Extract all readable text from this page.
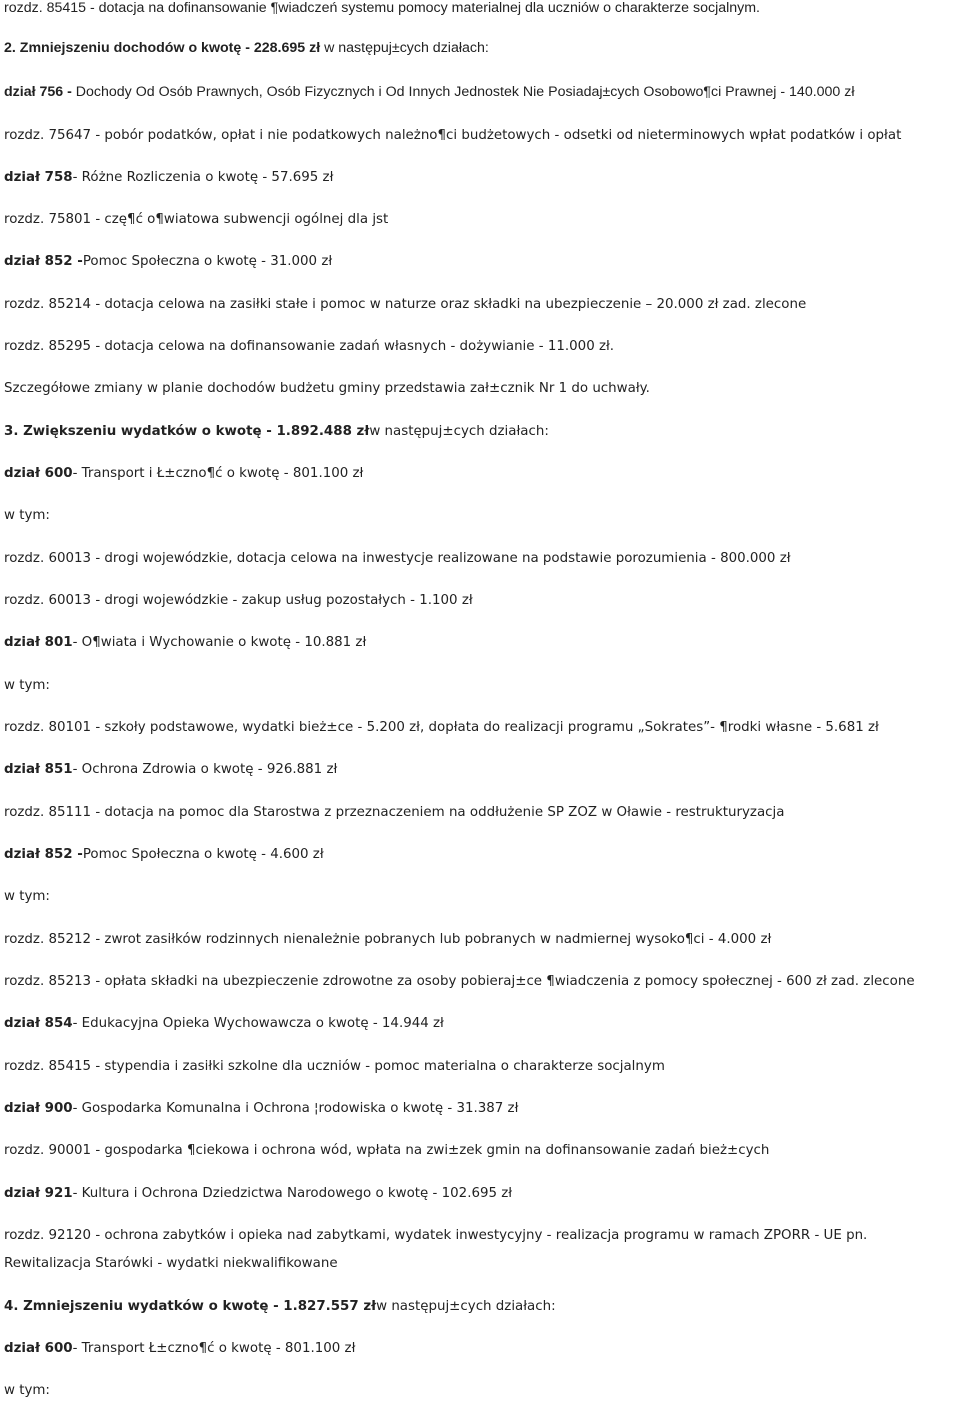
rozdz. 85415 - dotacja na dofinansowanie ¶wiadczeń systemu pomocy materialnej dla uczniów o charakterze socjalnym.
2. Zmniejszeniu dochodów o kwotę - 228.695 zł w następuj±cych działach:
dział 756 - Dochody Od Osób Prawnych, Osób Fizycznych i Od Innych Jednostek Nie Posiadaj±cych Osobowo¶ci Prawnej - 140.000 zł
rozdz. 75647 - pobór podatków, opłat i nie podatkowych należno¶ci budżetowych - odsetki od nieterminowych wpłat podatków i opłat
dział 758- Różne Rozliczenia o kwotę - 57.695 zł
rozdz. 75801 - czę¶ć o¶wiatowa subwencji ogólnej dla jst
dział 852 -Pomoc Społeczna o kwotę - 31.000 zł
rozdz. 85214 - dotacja celowa na zasiłki stałe i pomoc w naturze oraz składki na ubezpieczenie – 20.000 zł zad. zlecone
rozdz. 85295 - dotacja celowa na dofinansowanie zadań własnych - dożywianie - 11.000 zł.
Szczegółowe zmiany w planie dochodów budżetu gminy przedstawia zał±cznik Nr 1 do uchwały.
3. Zwiększeniu wydatków o kwotę - 1.892.488 złw następuj±cych działach:
dział 600- Transport i Ł±czno¶ć o kwotę - 801.100 zł
w tym:
rozdz. 60013 - drogi wojewódzkie, dotacja celowa na inwestycje realizowane na podstawie porozumienia - 800.000 zł
rozdz. 60013 - drogi wojewódzkie - zakup usług pozostałych - 1.100 zł
dział 801- O¶wiata i Wychowanie o kwotę - 10.881 zł
w tym:
rozdz. 80101 - szkoły podstawowe, wydatki bież±ce - 5.200 zł, dopłata do realizacji programu „Sokrates”- ¶rodki własne - 5.681 zł
dział 851- Ochrona Zdrowia o kwotę - 926.881 zł
rozdz. 85111 - dotacja na pomoc dla Starostwa z przeznaczeniem na oddłużenie SP ZOZ w Oławie - restrukturyzacja
dział 852 -Pomoc Społeczna o kwotę - 4.600 zł
w tym:
rozdz. 85212 - zwrot zasiłków rodzinnych nienależnie pobranych lub pobranych w nadmiernej wysoko¶ci - 4.000 zł
rozdz. 85213 - opłata składki na ubezpieczenie zdrowotne za osoby pobieraj±ce ¶wiadczenia z pomocy społecznej - 600 zł zad. zlecone
dział 854- Edukacyjna Opieka Wychowawcza o kwotę - 14.944 zł
rozdz. 85415 - stypendia i zasiłki szkolne dla uczniów - pomoc materialna o charakterze socjalnym
dział 900- Gospodarka Komunalna i Ochrona ¦rodowiska o kwotę - 31.387 zł
rozdz. 90001 - gospodarka ¶ciekowa i ochrona wód, wpłata na zwi±zek gmin na dofinansowanie zadań bież±cych
dział 921- Kultura i Ochrona Dziedzictwa Narodowego o kwotę - 102.695 zł
rozdz. 92120 - ochrona zabytków i opieka nad zabytkami, wydatek inwestycyjny - realizacja programu w ramach ZPORR - UE pn. Rewitalizacja Starówki - wydatki niekwalifikowane
4. Zmniejszeniu wydatków o kwotę - 1.827.557 złw następuj±cych działach:
dział 600- Transport Ł±czno¶ć o kwotę - 801.100 zł
w tym:
